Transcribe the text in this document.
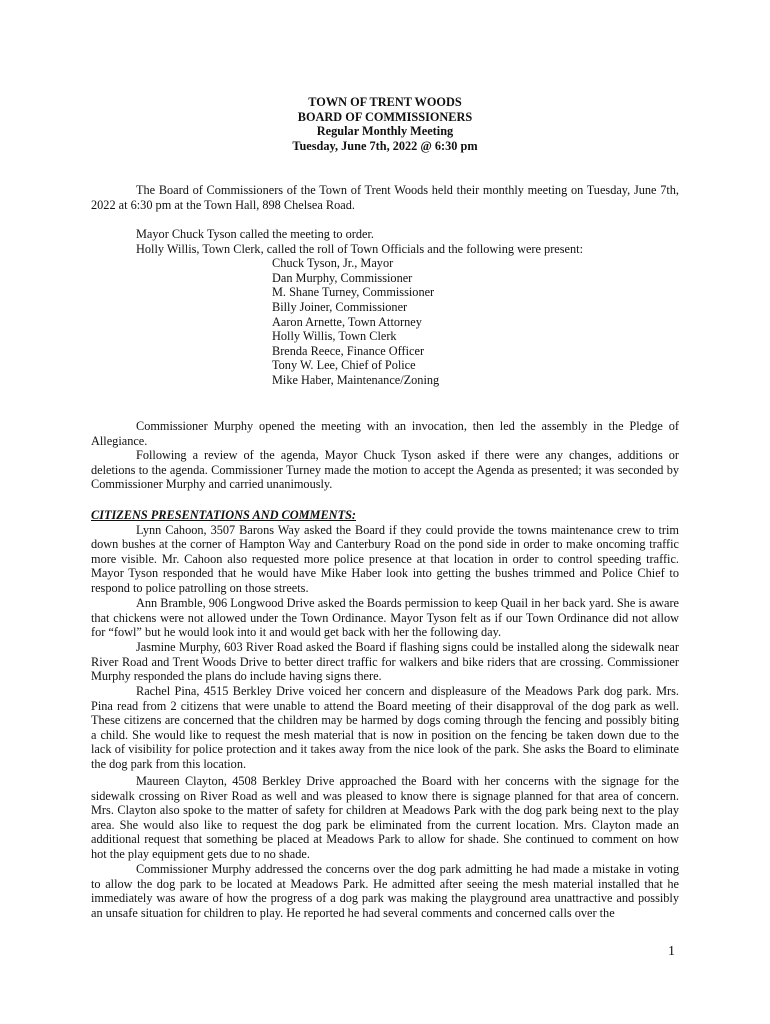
TOWN OF TRENT WOODS
BOARD OF COMMISSIONERS
Regular Monthly Meeting
Tuesday, June 7th, 2022 @ 6:30 pm

The Board of Commissioners of the Town of Trent Woods held their monthly meeting on Tuesday, June 7th, 2022 at 6:30 pm at the Town Hall, 898 Chelsea Road.

Mayor Chuck Tyson called the meeting to order.
Holly Willis, Town Clerk, called the roll of Town Officials and the following were present:
Chuck Tyson, Jr., Mayor
Dan Murphy, Commissioner
M. Shane Turney, Commissioner
Billy Joiner, Commissioner
Aaron Arnette, Town Attorney
Holly Willis, Town Clerk
Brenda Reece, Finance Officer
Tony W. Lee, Chief of Police
Mike Haber, Maintenance/Zoning

Commissioner Murphy opened the meeting with an invocation, then led the assembly in the Pledge of Allegiance.

Following a review of the agenda, Mayor Chuck Tyson asked if there were any changes, additions or deletions to the agenda. Commissioner Turney made the motion to accept the Agenda as presented; it was seconded by Commissioner Murphy and carried unanimously.

CITIZENS PRESENTATIONS AND COMMENTS:

Lynn Cahoon, 3507 Barons Way asked the Board if they could provide the towns maintenance crew to trim down bushes at the corner of Hampton Way and Canterbury Road on the pond side in order to make oncoming traffic more visible. Mr. Cahoon also requested more police presence at that location in order to control speeding traffic. Mayor Tyson responded that he would have Mike Haber look into getting the bushes trimmed and Police Chief to respond to police patrolling on those streets.

Ann Bramble, 906 Longwood Drive asked the Boards permission to keep Quail in her back yard. She is aware that chickens were not allowed under the Town Ordinance. Mayor Tyson felt as if our Town Ordinance did not allow for “fowl” but he would look into it and would get back with her the following day.

Jasmine Murphy, 603 River Road asked the Board if flashing signs could be installed along the sidewalk near River Road and Trent Woods Drive to better direct traffic for walkers and bike riders that are crossing. Commissioner Murphy responded the plans do include having signs there.

Rachel Pina, 4515 Berkley Drive voiced her concern and displeasure of the Meadows Park dog park. Mrs. Pina read from 2 citizens that were unable to attend the Board meeting of their disapproval of the dog park as well. These citizens are concerned that the children may be harmed by dogs coming through the fencing and possibly biting a child. She would like to request the mesh material that is now in position on the fencing be taken down due to the lack of visibility for police protection and it takes away from the nice look of the park. She asks the Board to eliminate the dog park from this location.

Maureen Clayton, 4508 Berkley Drive approached the Board with her concerns with the signage for the sidewalk crossing on River Road as well and was pleased to know there is signage planned for that area of concern. Mrs. Clayton also spoke to the matter of safety for children at Meadows Park with the dog park being next to the play area. She would also like to request the dog park be eliminated from the current location. Mrs. Clayton made an additional request that something be placed at Meadows Park to allow for shade. She continued to comment on how hot the play equipment gets due to no shade.

Commissioner Murphy addressed the concerns over the dog park admitting he had made a mistake in voting to allow the dog park to be located at Meadows Park. He admitted after seeing the mesh material installed that he immediately was aware of how the progress of a dog park was making the playground area unattractive and possibly an unsafe situation for children to play. He reported he had several comments and concerned calls over the

1
